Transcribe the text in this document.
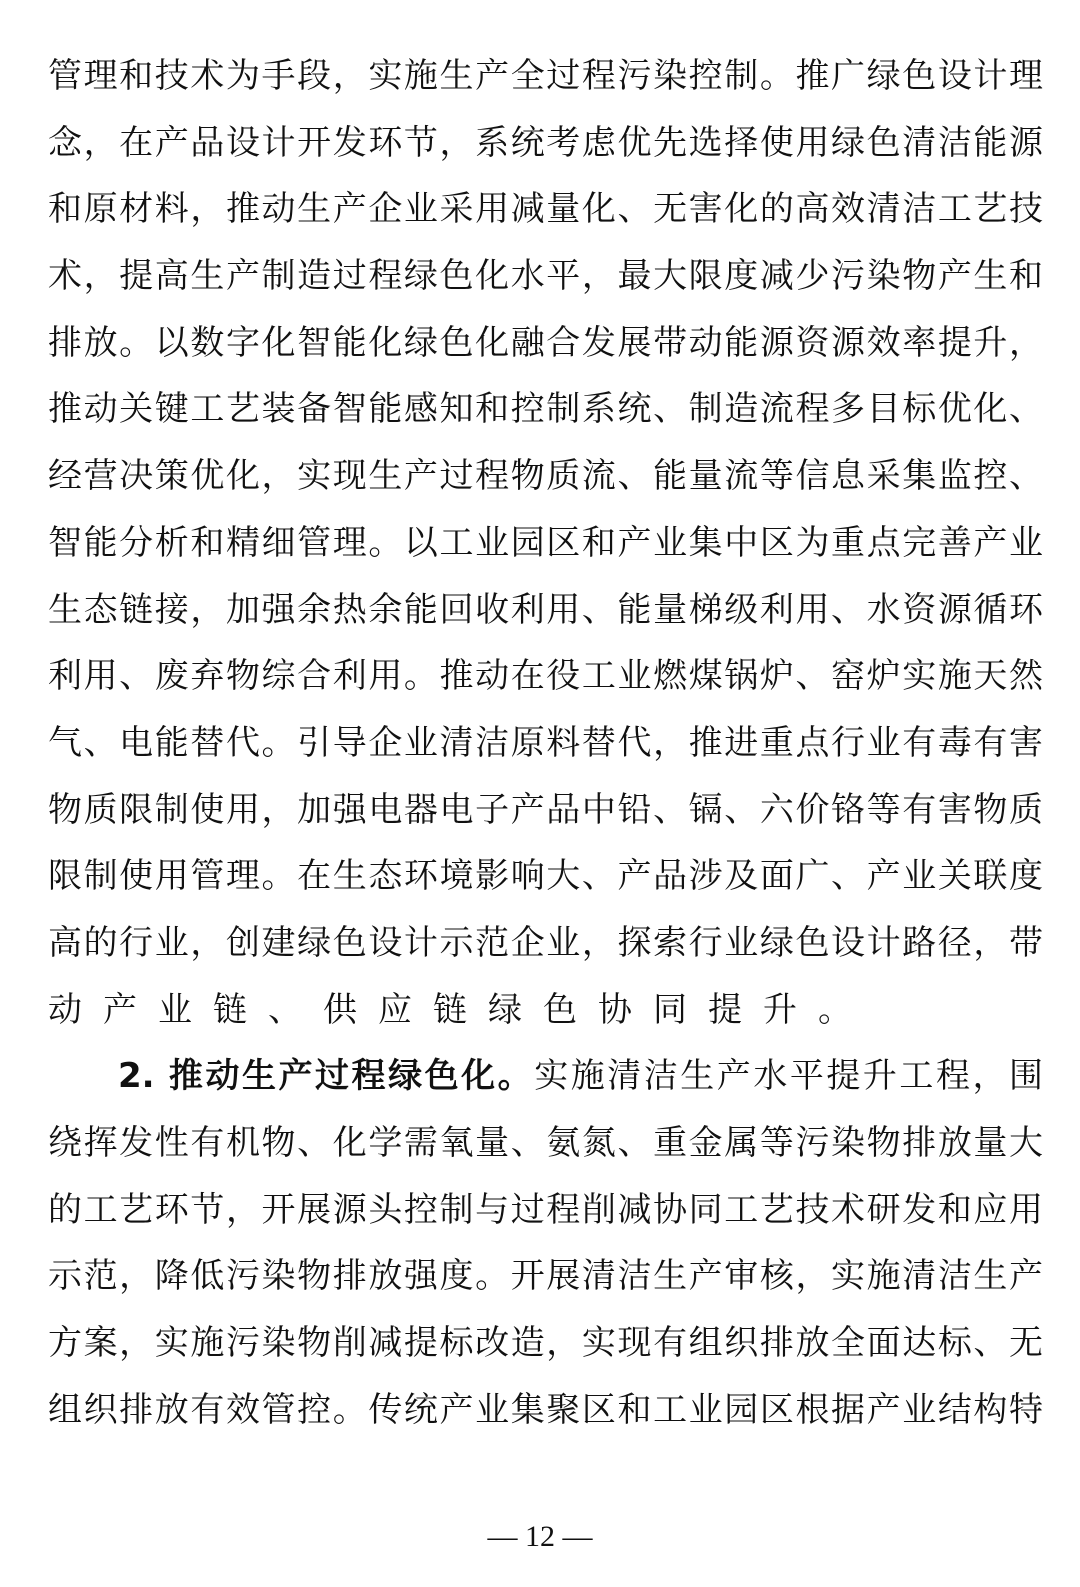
管理和技术为手段，实施生产全过程污染控制。推广绿色设计理
念，在产品设计开发环节，系统考虑优先选择使用绿色清洁能源
和原材料，推动生产企业采用减量化、无害化的高效清洁工艺技
术，提高生产制造过程绿色化水平，最大限度减少污染物产生和
排放。以数字化智能化绿色化融合发展带动能源资源效率提升，
推动关键工艺装备智能感知和控制系统、制造流程多目标优化、
经营决策优化，实现生产过程物质流、能量流等信息采集监控、
智能分析和精细管理。以工业园区和产业集中区为重点完善产业
生态链接，加强余热余能回收利用、能量梯级利用、水资源循环
利用、废弃物综合利用。推动在役工业燃煤锅炉、窑炉实施天然
气、电能替代。引导企业清洁原料替代，推进重点行业有毒有害
物质限制使用，加强电器电子产品中铅、镉、六价铬等有害物质
限制使用管理。在生态环境影响大、产品涉及面广、产业关联度
高的行业，创建绿色设计示范企业，探索行业绿色设计路径，带
动产业链、供应链绿色协同提升。
2. 推动生产过程绿色化。实施清洁生产水平提升工程，围
绕挥发性有机物、化学需氧量、氨氮、重金属等污染物排放量大
的工艺环节，开展源头控制与过程削减协同工艺技术研发和应用
示范，降低污染物排放强度。开展清洁生产审核，实施清洁生产
方案，实施污染物削减提标改造，实现有组织排放全面达标、无
组织排放有效管控。传统产业集聚区和工业园区根据产业结构特
— 12 —
